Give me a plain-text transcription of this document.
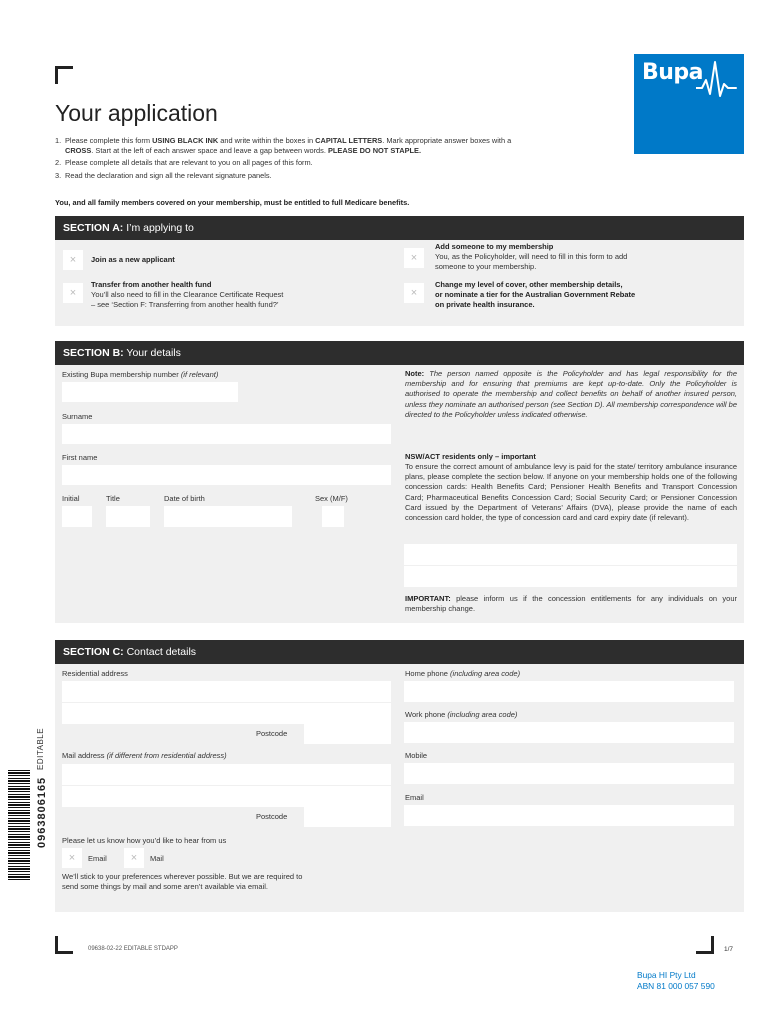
Bupa
Your application
1. Please complete this form USING BLACK INK and write within the boxes in CAPITAL LETTERS. Mark appropriate answer boxes with a CROSS. Start at the left of each answer space and leave a gap between words. PLEASE DO NOT STAPLE.
2. Please complete all details that are relevant to you on all pages of this form.
3. Read the declaration and sign all the relevant signature panels.
You, and all family members covered on your membership, must be entitled to full Medicare benefits.
SECTION A: I’m applying to
×	Join as a new applicant
×
Transfer from another health fund
You’ll also need to fill in the Clearance Certificate Request
– see ‘Section F: Transferring from another health fund?’
×
Add someone to my membership
You, as the Policyholder, will need to fill in this form to add
someone to your membership.
×
Change my level of cover, other membership details,
or nominate a tier for the Australian Government Rebate
on private health insurance.
SECTION B: Your details
Existing Bupa membership number (if relevant)
Surname
First name
Initial	Title	Date of birth	Sex (M/F)
Note: The person named opposite is the Policyholder and has legal responsibility for the membership and for ensuring that premiums are kept up-to-date. Only the Policyholder is authorised to operate the membership and collect benefits on behalf of another insured person, unless they nominate an authorised person (see Section D). All membership correspondence will be directed to the Policyholder unless indicated otherwise.
NSW/ACT residents only – important
To ensure the correct amount of ambulance levy is paid for the state/ territory ambulance insurance plans, please complete the section below. If anyone on your membership holds one of the following concession cards: Health Benefits Card; Pensioner Health Benefits and Transport Concession Card; Pharmaceutical Benefits Concession Card; Social Security Card; or Pensioner Concession Card issued by the Department of Veterans’ Affairs (DVA), please provide the name of each concession card holder, the type of concession card and card expiry date (if relevant).
IMPORTANT: please inform us if the concession entitlements for any individuals on your membership change.
SECTION C: Contact details
Residential address
Postcode
Mail address (if different from residential address)
Postcode
Please let us know how you’d like to hear from us
×	Email	×	Mail
We’ll stick to your preferences wherever possible. But we are required to
send some things by mail and some aren’t available via email.
Home phone (including area code)
Work phone (including area code)
Mobile
Email
EDITABLE
0963806165
09638-02-22 EDITABLE STDAPP	1/7
Bupa HI Pty Ltd
ABN 81 000 057 590
